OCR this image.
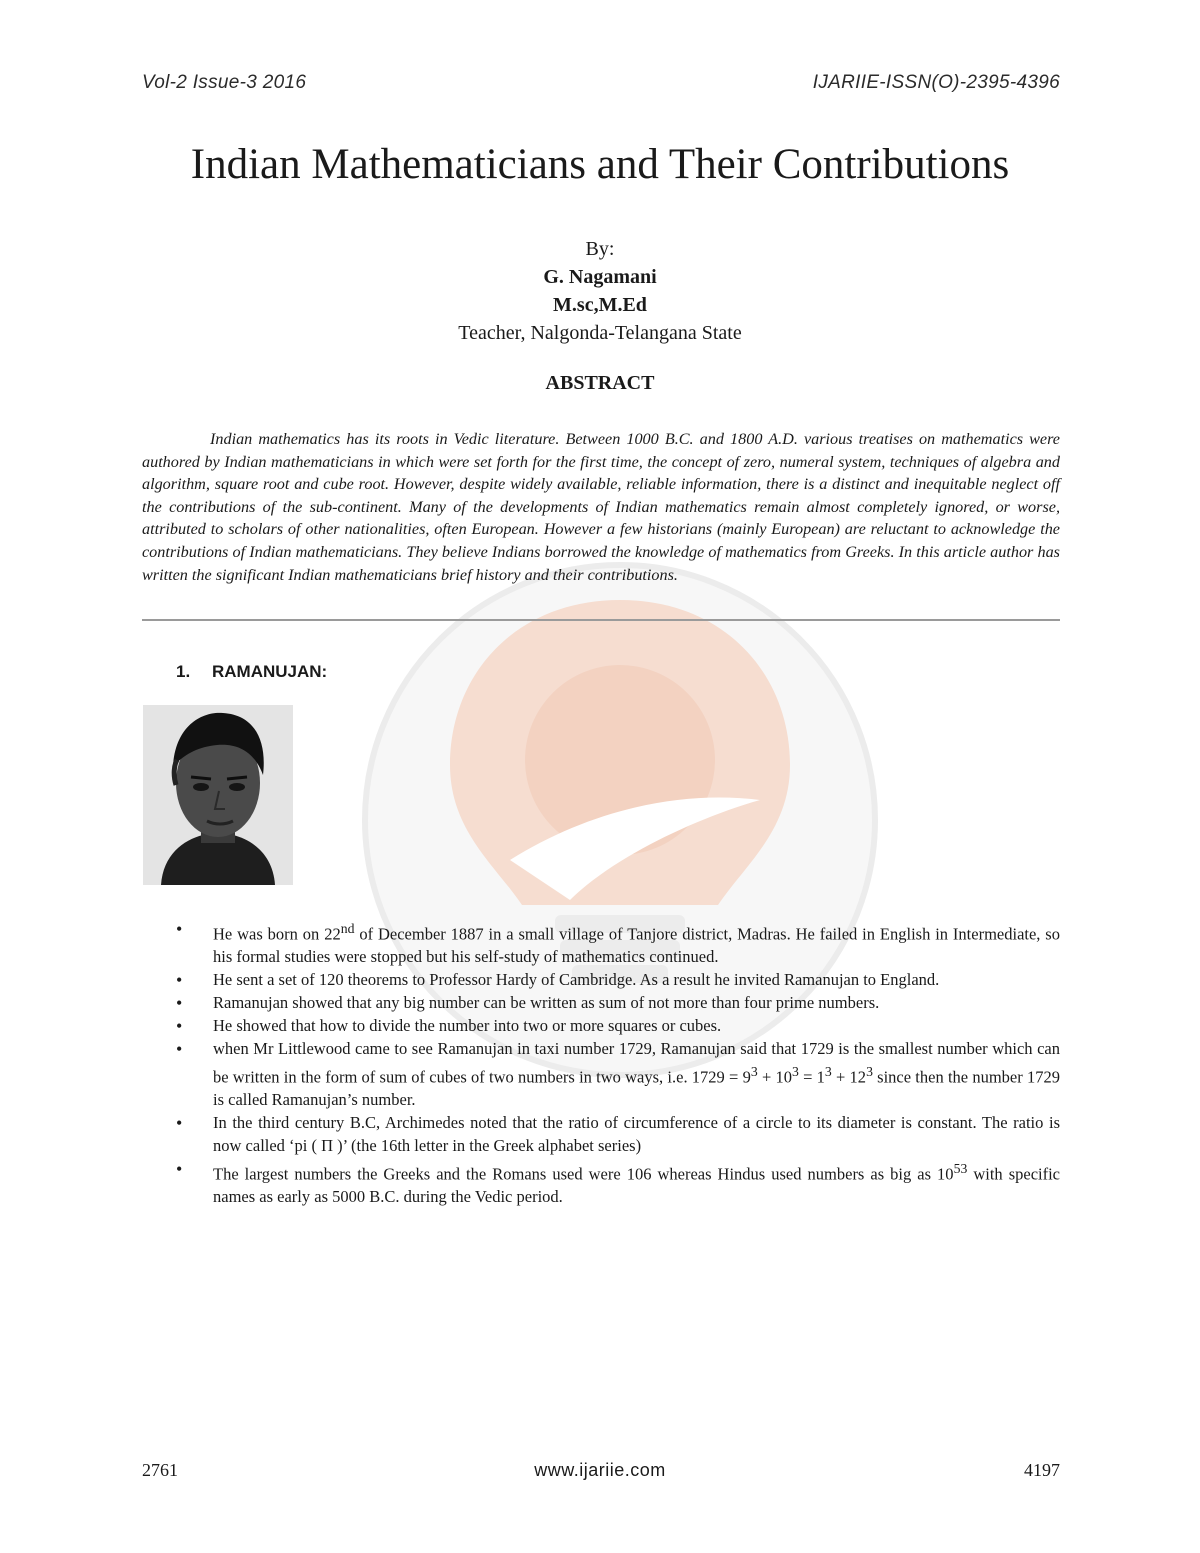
Vol-2 Issue-3 2016	IJARIIE-ISSN(O)-2395-4396
Indian Mathematicians and Their Contributions

By:

G. Nagamani

M.sc,M.Ed

Teacher, Nalgonda-Telangana State

ABSTRACT

Indian mathematics has its roots in Vedic literature. Between 1000 B.C. and 1800 A.D. various treatises on mathematics were authored by Indian mathematicians in which were set forth for the first time, the concept of zero, numeral system, techniques of algebra and algorithm, square root and cube root. However, despite widely available, reliable information, there is a distinct and inequitable neglect off the contributions of the sub-continent. Many of the developments of Indian mathematics remain almost completely ignored, or worse, attributed to scholars of other nationalities, often European. However a few historians (mainly European) are reluctant to acknowledge the contributions of Indian mathematicians. They believe Indians borrowed the knowledge of mathematics from Greeks. In this article author has written the significant Indian mathematicians brief history and their contributions.

1. RAMANUJAN:
• He was born on 22nd of December 1887 in a small village of Tanjore district, Madras. He failed in English in Intermediate, so his formal studies were stopped but his self-study of mathematics continued.
• He sent a set of 120 theorems to Professor Hardy of Cambridge. As a result he invited Ramanujan to England.
• Ramanujan showed that any big number can be written as sum of not more than four prime numbers.
• He showed that how to divide the number into two or more squares or cubes.
• when Mr Littlewood came to see Ramanujan in taxi number 1729, Ramanujan said that 1729 is the smallest number which can be written in the form of sum of cubes of two numbers in two ways, i.e. $1729 = 9^3 + 10^3 = 1^3 + 12^3$ since then the number 1729 is called Ramanujan’s number.
• In the third century B.C, Archimedes noted that the ratio of circumference of a circle to its diameter is constant. The ratio is now called ‘pi ( Π )’ (the 16th letter in the Greek alphabet series)
• The largest numbers the Greeks and the Romans used were 106 whereas Hindus used numbers as big as $10^{53}$ with specific names as early as 5000 B.C. during the Vedic period.
2761	www.ijariie.com	4197
